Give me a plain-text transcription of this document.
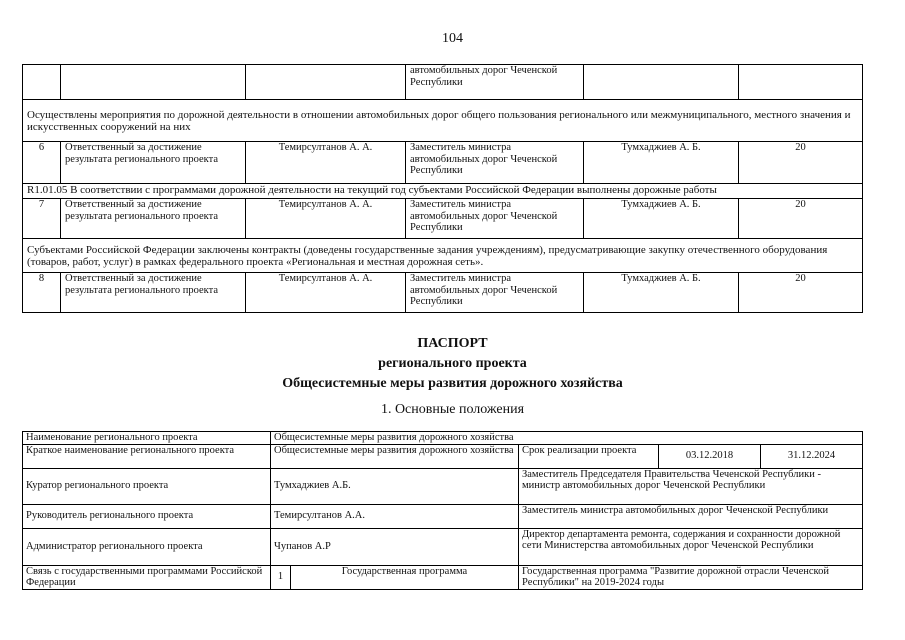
104
			автомобильных дорог Чеченской Республики		
Осуществлены мероприятия по дорожной деятельности в отношении автомобильных дорог общего пользования регионального или межмуниципального, местного значения и искусственных сооружений на них					
6	Ответственный за достижение результата регионального проекта	Темирсултанов А. А.	Заместитель министра автомобильных дорог Чеченской Республики	Тумхаджиев А. Б.	20
R1.01.05 В соответствии с программами дорожной деятельности на текущий год субъектами Российской Федерации выполнены дорожные работы					
7	Ответственный за достижение результата регионального проекта	Темирсултанов А. А.	Заместитель министра автомобильных дорог Чеченской Республики	Тумхаджиев А. Б.	20
Субъектами Российской Федерации заключены контракты (доведены государственные задания учреждениям), предусматривающие закупку отечественного оборудования (товаров, работ, услуг) в рамках федерального проекта «Региональная и местная дорожная сеть».					
8	Ответственный за достижение результата регионального проекта	Темирсултанов А. А.	Заместитель министра автомобильных дорог Чеченской Республики	Тумхаджиев А. Б.	20
ПАСПОРТ
регионального проекта
Общесистемные меры развития дорожного хозяйства
1. Основные положения
Наименование регионального проекта	Общесистемные меры развития дорожного хозяйства				
Краткое наименование регионального проекта	Общесистемные меры развития дорожного хозяйства		Срок реализации проекта	03.12.2018	31.12.2024
Куратор регионального проекта	Тумхаджиев А.Б.		Заместитель Председателя Правительства Чеченской Республики - министр автомобильных дорог Чеченской Республики		
Руководитель регионального проекта	Темирсултанов А.А.		Заместитель министра автомобильных дорог Чеченской Республики		
Администратор регионального проекта	Чупанов А.Р		Директор департамента ремонта, содержания и сохранности дорожной сети Министерства автомобильных дорог Чеченской Республики		
Связь с государственными программами Российской Федерации	1	Государственная программа	Государственная программа "Развитие дорожной отрасли Чеченской Республики" на 2019-2024 годы		
